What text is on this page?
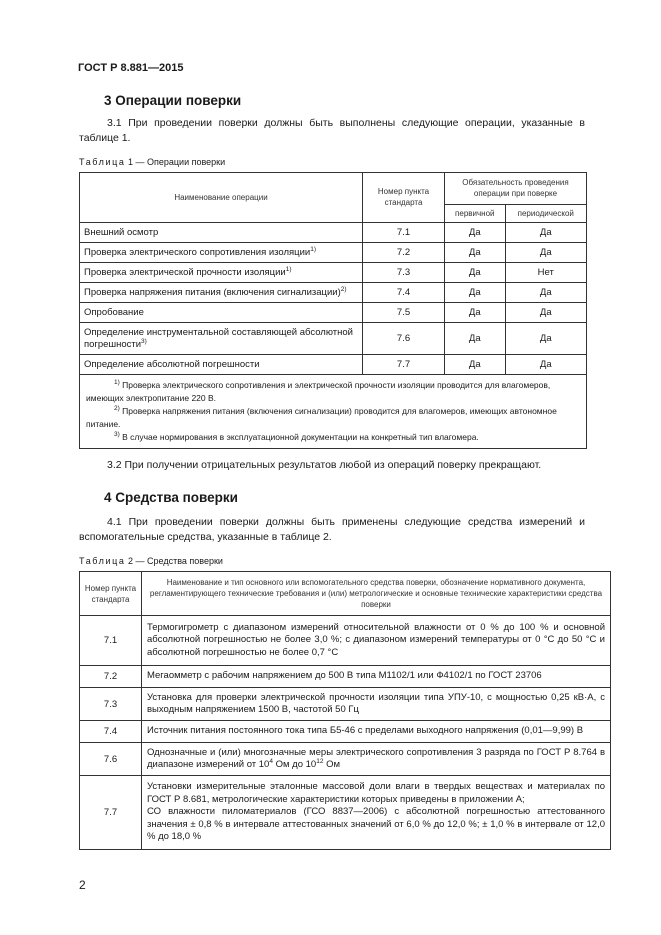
ГОСТ Р 8.881—2015
3 Операции поверки
3.1 При проведении поверки должны быть выполнены следующие операции, указанные в таблице 1.
Таблица 1 — Операции поверки
Наименование операции	Номер пункта стандарта	Обязательность проведения операции при поверке	
		первичной	периодической
Внешний осмотр	7.1	Да	Да
Проверка электрического сопротивления изоляции$^{1)}$	7.2	Да	Да
Проверка электрической прочности изоляции$^{1)}$	7.3	Да	Нет
Проверка напряжения питания (включения сигнализации)$^{2)}$	7.4	Да	Да
Опробование	7.5	Да	Да
Определение инструментальной составляющей абсолютной погрешности$^{3)}$	7.6	Да	Да
Определение абсолютной погрешности	7.7	Да	Да

$^{1)}$ Проверка электрического сопротивления и электрической прочности изоляции проводится для влагомеров, имеющих электропитание 220 В.

$^{2)}$ Проверка напряжения питания (включения сигнализации) проводится для влагомеров, имеющих автономное питание.

$^{3)}$ В случае нормирования в эксплуатационной документации на конкретный тип влагомера.			

3.2 При получении отрицательных результатов любой из операций поверку прекращают.
4 Средства поверки
4.1 При проведении поверки должны быть применены следующие средства измерений и вспомогательные средства, указанные в таблице 2.
Таблица 2 — Средства поверки
Номер пункта стандарта	Наименование и тип основного или вспомогательного средства поверки, обозначение нормативного документа, регламентирующего технические требования и (или) метрологические и основные технические характеристики средства поверки
7.1	Термогигрометр с диапазоном измерений относительной влажности от 0 % до 100 % и основной абсолютной погрешностью не более 3,0 %; с диапазоном измерений температуры от 0 °С до 50 °С и абсолютной погрешностью не более 0,7 °С
7.2	Мегаомметр с рабочим напряжением до 500 В типа М1102/1 или Ф4102/1 по ГОСТ 23706
7.3	Установка для проверки электрической прочности изоляции типа УПУ-10, с мощностью 0,25 кВ·А, с выходным напряжением 1500 В, частотой 50 Гц
7.4	Источник питания постоянного тока типа Б5-46 с пределами выходного напряжения (0,01—9,99) В
7.6	Однозначные и (или) многозначные меры электрического сопротивления 3 разряда по ГОСТ Р 8.764 в диапазоне измерений от $10^4$ Ом до $10^{12}$ Ом
7.7	Установки измерительные эталонные массовой доли влаги в твердых веществах и материалах по ГОСТ Р 8.681, метрологические характеристики которых приведены в приложении А;
СО влажности пиломатериалов (ГСО 8837—2006) с абсолютной погрешностью аттестованного значения ± 0,8 % в интервале аттестованных значений от 6,0 % до 12,0 %; ± 1,0 % в интервале от 12,0 % до 18,0 %
2
